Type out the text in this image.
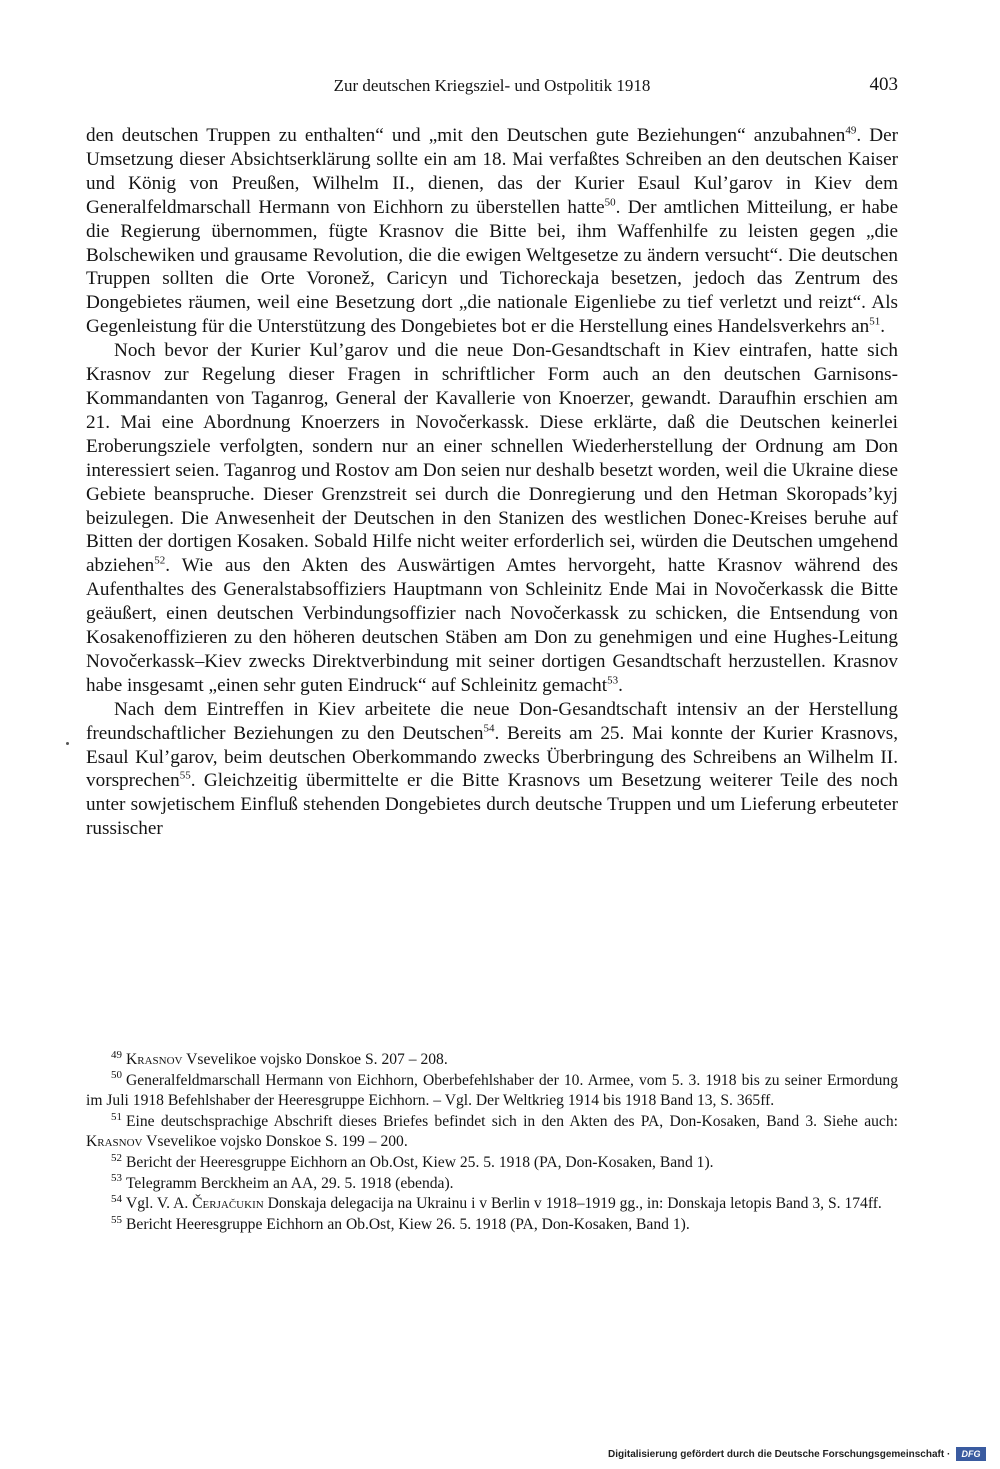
Zur deutschen Kriegsziel- und Ostpolitik 1918	403

den deutschen Truppen zu enthalten“ und „mit den Deutschen gute Beziehungen“ anzubahnen$^{49}$. Der Umsetzung dieser Absichtserklärung sollte ein am 18. Mai verfaßtes Schreiben an den deutschen Kaiser und König von Preußen, Wilhelm II., dienen, das der Kurier Esaul Kul’garov in Kiev dem Generalfeldmarschall Hermann von Eichhorn zu überstellen hatte$^{50}$. Der amtlichen Mitteilung, er habe die Regierung übernommen, fügte Krasnov die Bitte bei, ihm Waffenhilfe zu leisten gegen „die Bolschewiken und grausame Revolution, die die ewigen Weltgesetze zu ändern versucht“. Die deutschen Truppen sollten die Orte Voronež, Caricyn und Tichoreckaja besetzen, jedoch das Zentrum des Dongebietes räumen, weil eine Besetzung dort „die nationale Eigenliebe zu tief verletzt und reizt“. Als Gegenleistung für die Unterstützung des Dongebietes bot er die Herstellung eines Handelsverkehrs $an^{51}$.

Noch bevor der Kurier Kul’garov und die neue Don-Gesandtschaft in Kiev eintrafen, hatte sich Krasnov zur Regelung dieser Fragen in schriftlicher Form auch an den deutschen Garnisons-Kommandanten von Taganrog, General der Kavallerie von Knoerzer, gewandt. Daraufhin erschien am 21. Mai eine Abordnung Knoerzers in Novočerkassk. Diese erklärte, daß die Deutschen keinerlei Eroberungsziele verfolgten, sondern nur an einer schnellen Wiederherstellung der Ordnung am Don interessiert seien. Taganrog und Rostov am Don seien nur deshalb besetzt worden, weil die Ukraine diese Gebiete beanspruche. Dieser Grenzstreit sei durch die Donregierung und den Hetman Skoropads’kyj beizulegen. Die Anwesenheit der Deutschen in den Stanizen des westlichen Donec-Kreises beruhe auf Bitten der dortigen Kosaken. Sobald Hilfe nicht weiter erforderlich sei, würden die Deutschen umgehend abziehen$^{52}$. Wie aus den Akten des Auswärtigen Amtes hervorgeht, hatte Krasnov während des Aufenthaltes des Generalstabsoffiziers Hauptmann von Schleinitz Ende Mai in Novočerkassk die Bitte geäußert, einen deutschen Verbindungsoffizier nach Novočerkassk zu schicken, die Entsendung von Kosakenoffizieren zu den höheren deutschen Stäben am Don zu genehmigen und eine Hughes-Leitung Novočerkassk–Kiev zwecks Direktverbindung mit seiner dortigen Gesandtschaft herzustellen. Krasnov habe insgesamt „einen sehr guten Eindruck“ auf Schleinitz gemacht$^{53}$.

Nach dem Eintreffen in Kiev arbeitete die neue Don-Gesandtschaft intensiv an der Herstellung freundschaftlicher Beziehungen zu den Deutschen$^{54}$. Bereits am 25. Mai konnte der Kurier Krasnovs, Esaul Kul’garov, beim deutschen Oberkommando zwecks Überbringung des Schreibens an Wilhelm II. vorsprechen$^{55}$. Gleichzeitig übermittelte er die Bitte Krasnovs um Besetzung weiterer Teile des noch unter sowjetischem Einfluß stehenden Dongebietes durch deutsche Truppen und um Lieferung erbeuteter russischer

$^{49}$ Krasnov Vsevelikoe vojsko Donskoe S. 207 – 208.

$^{50}$ Generalfeldmarschall Hermann von Eichhorn, Oberbefehlshaber der 10. Armee, vom 5. 3. 1918 bis zu seiner Ermordung im Juli 1918 Befehlshaber der Heeresgruppe Eichhorn. – Vgl. Der Weltkrieg 1914 bis 1918 Band 13, S. 365ff.

$^{51}$ Eine deutschsprachige Abschrift dieses Briefes befindet sich in den Akten des PA, Don-Kosaken, Band 3. Siehe auch: Krasnov Vsevelikoe vojsko Donskoe S. 199 – 200.

$^{52}$ Bericht der Heeresgruppe Eichhorn an Ob.Ost, Kiew 25. 5. 1918 (PA, Don-Kosaken, Band 1).

$^{53}$ Telegramm Berckheim an AA, 29. 5. 1918 (ebenda).

$^{54}$ Vgl. V. A. Čerjačukin Donskaja delegacija na Ukrainu i v Berlin v 1918–1919 gg., in: Donskaja letopis Band 3, S. 174ff.

$^{55}$ Bericht Heeresgruppe Eichhorn an Ob.Ost, Kiew 26. 5. 1918 (PA, Don-Kosaken, Band 1).

Digitalisierung gefördert durch die Deutsche Forschungsgemeinschaft ·	DFG
